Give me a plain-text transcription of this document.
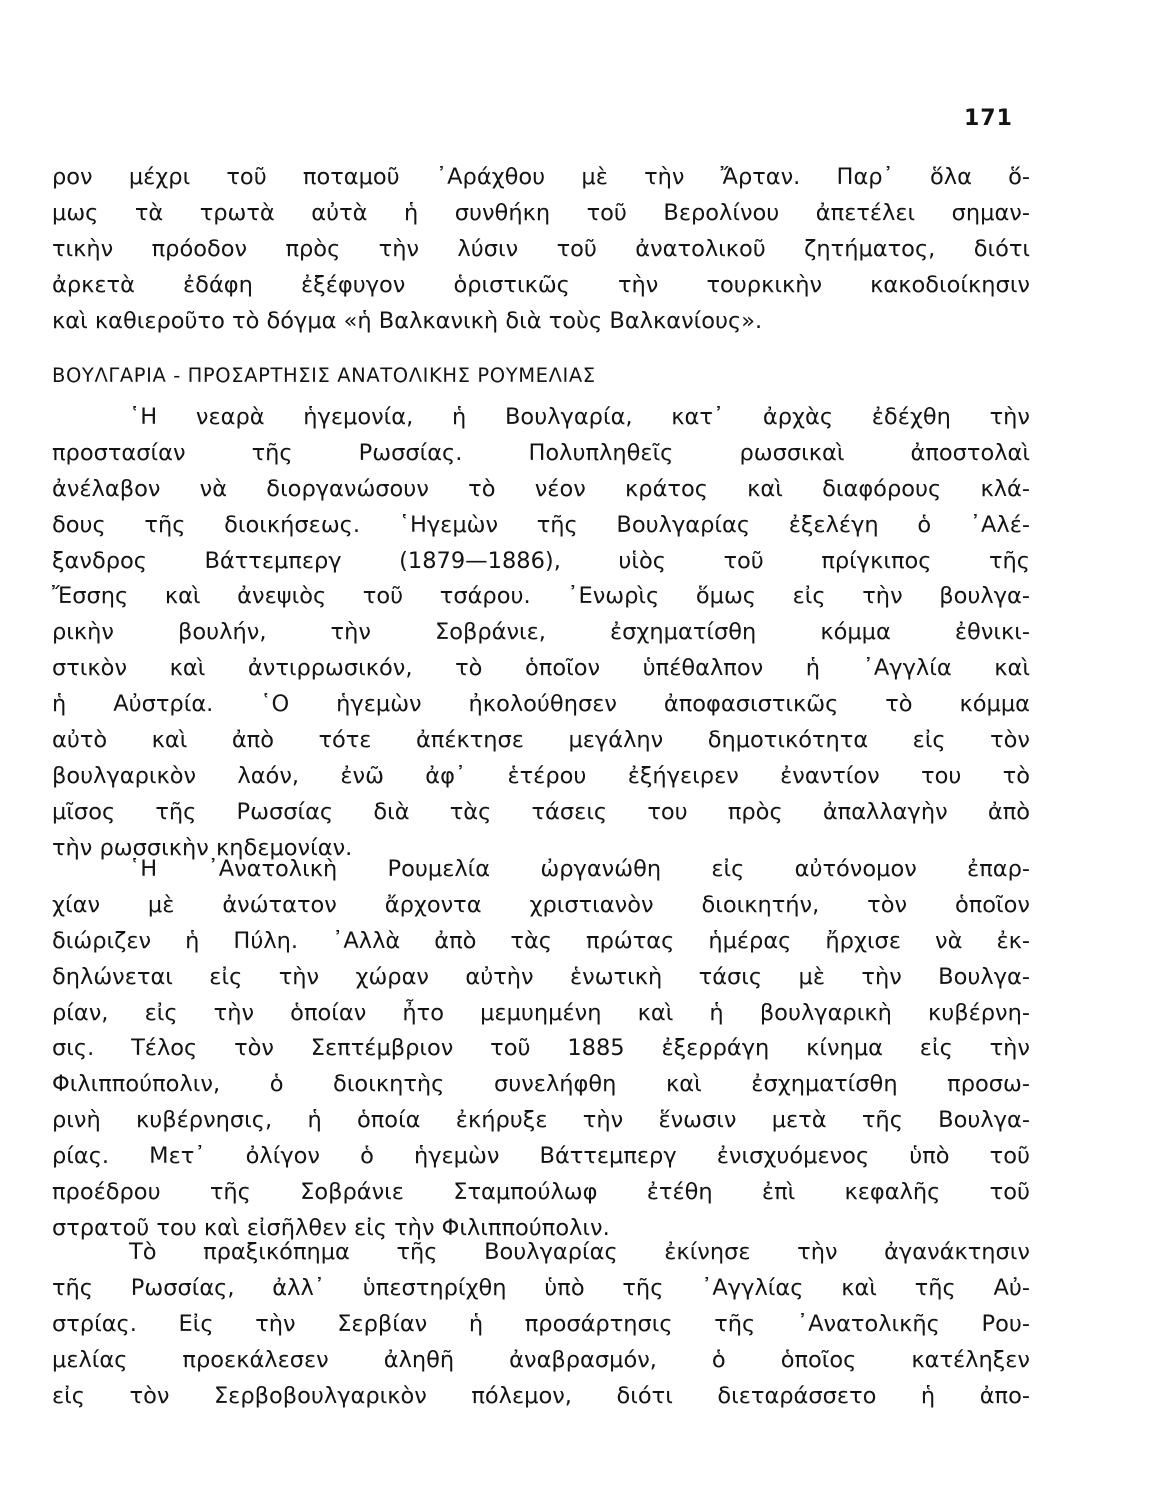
171
ρον μέχρι τοῦ ποταμοῦ ᾿Αράχθου μὲ τὴν Ἄρταν. Παρ᾽ ὅλα ὅ-
μως τὰ τρωτὰ αὐτὰ ἡ συνθήκη τοῦ Βερολίνου ἀπετέλει σημαν-
τικὴν πρόοδον πρὸς τὴν λύσιν τοῦ ἀνατολικοῦ ζητήματος, διότι
ἀρκετὰ ἐδάφη ἐξέφυγον ὁριστικῶς τὴν τουρκικὴν κακοδιοίκησιν
καὶ καθιεροῦτο τὸ δόγμα «ἡ Βαλκανικὴ διὰ τοὺς Βαλκανίους».
ΒΟΥΛΓΑΡΙΑ - ΠΡΟΣΑΡΤΗΣΙΣ ΑΝΑΤΟΛΙΚΗΣ ΡΟΥΜΕΛΙΑΣ
῾Η νεαρὰ ἡγεμονία, ἡ Βουλγαρία, κατ᾽ ἀρχὰς ἐδέχθη τὴν
προστασίαν τῆς Ρωσσίας. Πολυπληθεῖς ρωσσικαὶ ἀποστολαὶ
ἀνέλαβον νὰ διοργανώσουν τὸ νέον κράτος καὶ διαφόρους κλά-
δους τῆς διοικήσεως. ῾Ηγεμὼν τῆς Βουλγαρίας ἐξελέγη ὁ ᾿Αλέ-
ξανδρος Βάττεμπεργ (1879—1886), υἱὸς τοῦ πρίγκιπος τῆς
Ἔσσης καὶ ἀνεψιὸς τοῦ τσάρου. ᾿Ενωρὶς ὅμως εἰς τὴν βουλγα-
ρικὴν βουλήν, τὴν Σοβράνιε, ἐσχηματίσθη κόμμα ἐθνικι-
στικὸν καὶ ἀντιρρωσικόν, τὸ ὁποῖον ὑπέθαλπον ἡ ᾿Αγγλία καὶ
ἡ Αὐστρία. ῾Ο ἡγεμὼν ἠκολούθησεν ἀποφασιστικῶς τὸ κόμμα
αὐτὸ καὶ ἀπὸ τότε ἀπέκτησε μεγάλην δημοτικότητα εἰς τὸν
βουλγαρικὸν λαόν, ἐνῶ ἀφ᾽ ἑτέρου ἐξήγειρεν ἐναντίον του τὸ
μῖσος τῆς Ρωσσίας διὰ τὰς τάσεις του πρὸς ἀπαλλαγὴν ἀπὸ
τὴν ρωσσικὴν κηδεμονίαν.
῾Η ᾿Ανατολικὴ Ρουμελία ὠργανώθη εἰς αὐτόνομον ἐπαρ-
χίαν μὲ ἀνώτατον ἄρχοντα χριστιανὸν διοικητήν, τὸν ὁποῖον
διώριζεν ἡ Πύλη. ᾿Αλλὰ ἀπὸ τὰς πρώτας ἡμέρας ἤρχισε νὰ ἐκ-
δηλώνεται εἰς τὴν χώραν αὐτὴν ἑνωτικὴ τάσις μὲ τὴν Βουλγα-
ρίαν, εἰς τὴν ὁποίαν ἦτο μεμυημένη καὶ ἡ βουλγαρικὴ κυβέρνη-
σις. Τέλος τὸν Σεπτέμβριον τοῦ 1885 ἐξερράγη κίνημα εἰς τὴν
Φιλιππούπολιν, ὁ διοικητὴς συνελήφθη καὶ ἐσχηματίσθη προσω-
ρινὴ κυβέρνησις, ἡ ὁποία ἐκήρυξε τὴν ἕνωσιν μετὰ τῆς Βουλγα-
ρίας. Μετ᾽ ὀλίγον ὁ ἡγεμὼν Βάττεμπεργ ἐνισχυόμενος ὑπὸ τοῦ
προέδρου τῆς Σοβράνιε Σταμπούλωφ ἐτέθη ἐπὶ κεφαλῆς τοῦ
στρατοῦ του καὶ εἰσῆλθεν εἰς τὴν Φιλιππούπολιν.
Τὸ πραξικόπημα τῆς Βουλγαρίας ἐκίνησε τὴν ἀγανάκτησιν
τῆς Ρωσσίας, ἀλλ᾽ ὑπεστηρίχθη ὑπὸ τῆς ᾿Αγγλίας καὶ τῆς Αὐ-
στρίας. Εἰς τὴν Σερβίαν ἡ προσάρτησις τῆς ᾿Ανατολικῆς Ρου-
μελίας προεκάλεσεν ἀληθῆ ἀναβρασμόν, ὁ ὁποῖος κατέληξεν
εἰς τὸν Σερβοβουλγαρικὸν πόλεμον, διότι διεταράσσετο ἡ ἀπο-
